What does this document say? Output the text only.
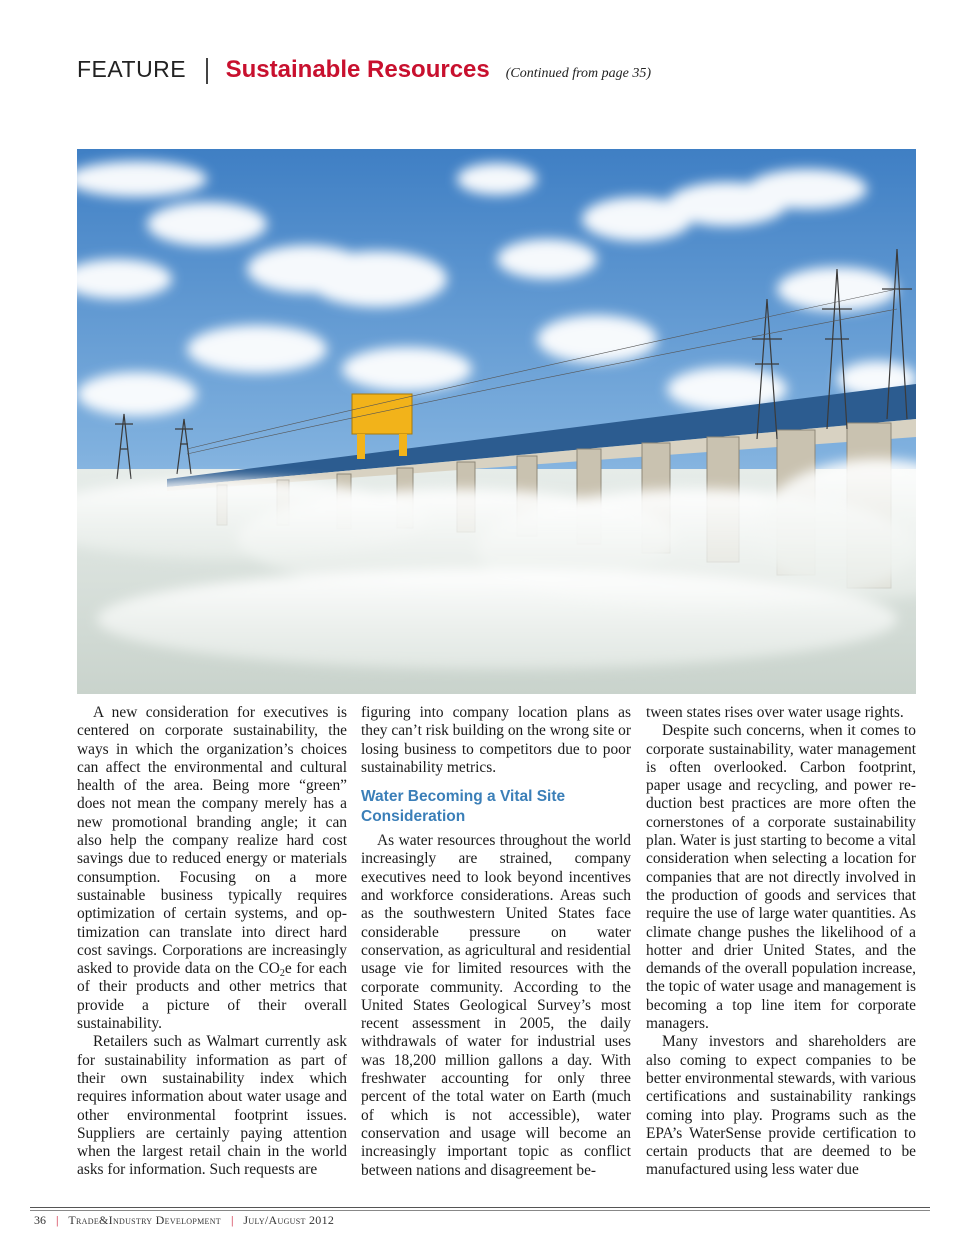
FEATURE Sustainable Resources (Continued from page 35)

A new consideration for executives is centered on corporate sustainability, the ways in which the organization’s choices can affect the environmental and cultural health of the area. Being more “green” does not mean the company merely has a new promotional branding angle; it can also help the company realize hard cost savings due to reduced energy or materials consumption. Focusing on a more sustainable business typically requires optimization of certain systems, and optimization can translate into direct hard cost savings. Corporations are increasingly asked to provide data on the $CO_2e$ for each of their products and other metrics that provide a picture of their overall sustainability.

Retailers such as Walmart currently ask for sustainability information as part of their own sustainability index which requires information about water usage and other environmental footprint issues. Suppliers are certainly paying attention when the largest retail chain in the world asks for information. Such requests are

figuring into company location plans as they can’t risk building on the wrong site or losing business to competitors due to poor sustainability metrics.

Water Becoming a Vital Site Consideration

As water resources throughout the world increasingly are strained, company executives need to look beyond incentives and workforce considerations. Areas such as the southwestern United States face considerable pressure on water conservation, as agricultural and residential usage vie for limited resources with the corporate community. According to the United States Geological Survey’s most recent assessment in 2005, the daily withdrawals of water for industrial uses was 18,200 million gallons a day. With freshwater accounting for only three percent of the total water on Earth (much of which is not accessible), water conservation and usage will become an increasingly important topic as conflict between nations and disagreement be-

tween states rises over water usage rights.

Despite such concerns, when it comes to corporate sustainability, water management is often overlooked. Carbon footprint, paper usage and recycling, and power reduction best practices are more often the cornerstones of a corporate sustainability plan. Water is just starting to become a vital consideration when selecting a location for companies that are not directly involved in the production of goods and services that require the use of large water quantities. As climate change pushes the likelihood of a hotter and drier United States, and the demands of the overall population increase, the topic of water usage and management is becoming a top line item for corporate managers.

Many investors and shareholders are also coming to expect companies to be better environmental stewards, with various certifications and sustainability rankings coming into play. Programs such as the EPA’s WaterSense provide certification to certain products that are deemed to be manufactured using less water due

36 | Trade&Industry Development | July/August 2012
